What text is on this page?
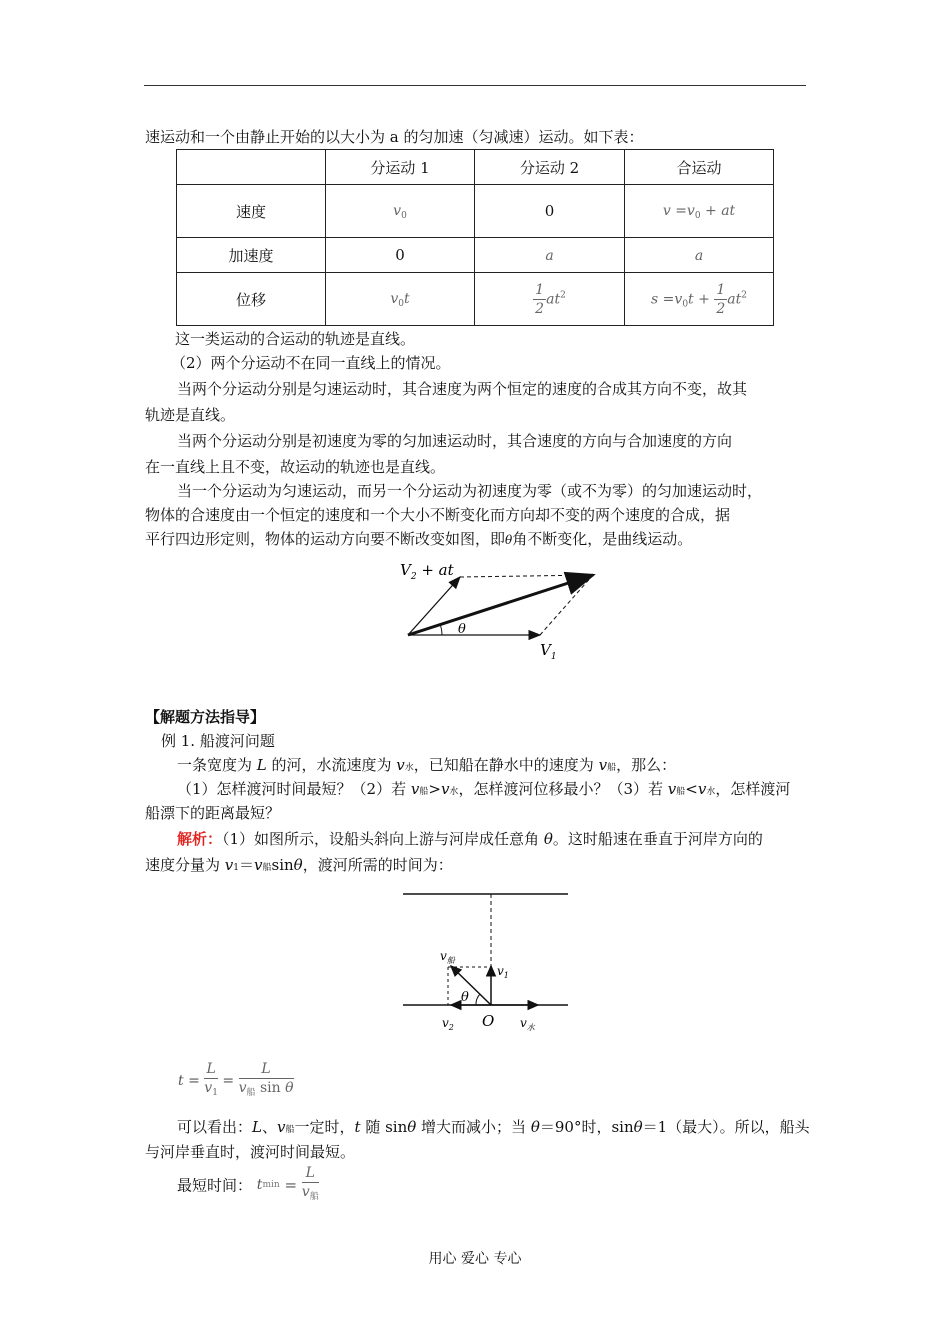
速运动和一个由静止开始的以大小为 a 的匀加速（匀减速）运动。如下表：
	分运动 1	分运动 2	合运动
速度	$v_0$	0	$v =v_0$ + at
加速度	0	a	a
位移	$v_0t$	$\frac{1}{2} at^2$	$s =v_0t + \frac{1}{2} at^2$
这一类运动的合运动的轨迹是直线。
（2）两个分运动不在同一直线上的情况。
当两个分运动分别是匀速运动时，其合速度为两个恒定的速度的合成其方向不变，故其
轨迹是直线。
当两个分运动分别是初速度为零的匀加速运动时，其合速度的方向与合加速度的方向
在一直线上且不变，故运动的轨迹也是直线。
当一个分运动为匀速运动，而另一个分运动为初速度为零（或不为零）的匀加速运动时，
物体的合速度由一个恒定的速度和一个大小不断变化而方向却不变的两个速度的合成，据
平行四边形定则，物体的运动方向要不断改变如图，即θ角不断变化，是曲线运动。
$V_2$ + at
θ
$V_1$
【解题方法指导】
例 1. 船渡河问题
一条宽度为 L 的河，水流速度为 v水，已知船在静水中的速度为 v船，那么：
（1）怎样渡河时间最短？（2）若 v船>v水，怎样渡河位移最小？（3）若 v船<v水，怎样渡河
船漂下的距离最短？
解析：（1）如图所示，设船头斜向上游与河岸成任意角 θ。这时船速在垂直于河岸方向的
速度分量为 v1＝v船sinθ，渡河所需的时间为：
$v_船$
$v_1$
θ
$v_2$ O $v_水$
$t = \frac{L}{v_1} = \frac{L}{v_船 \sin \theta}$
可以看出：L、v船一定时，t 随 sinθ 增大而减小；当 θ＝90°时，sinθ＝1（最大）。所以，船头
与河岸垂直时，渡河时间最短。
最短时间： $tmin = \frac{L}{v_船}$
用心 爱心 专心
